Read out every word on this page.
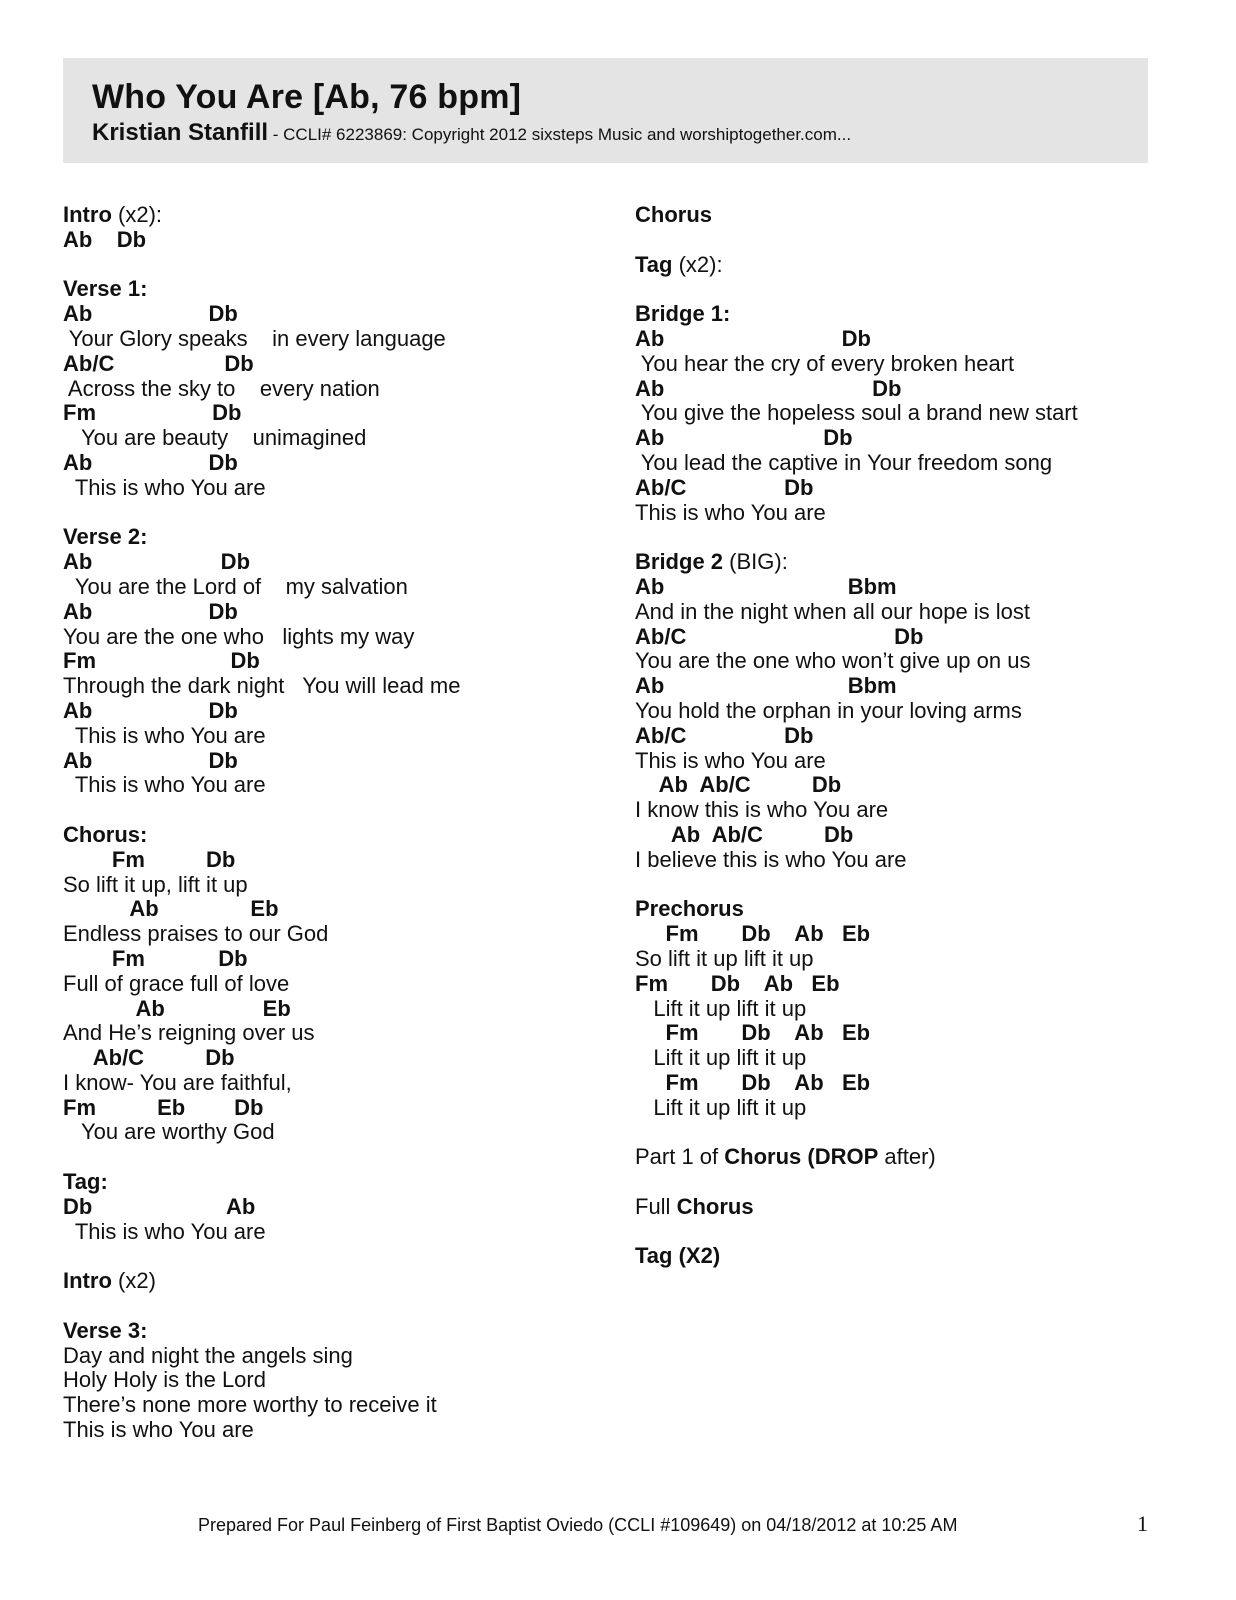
Who You Are [Ab, 76 bpm]
Kristian Stanfill - CCLI# 6223869: Copyright 2012 sixsteps Music and worshiptogether.com...
Intro (x2):
Ab    Db
Verse 1:
Ab                   Db
Your Glory speaks    in every language
Ab/C                  Db
Across the sky to    every nation
Fm                   Db
You are beauty    unimagined
Ab                   Db
This is who You are
Verse 2:
Ab                     Db
You are the Lord of    my salvation
Ab                   Db
You are the one who   lights my way
Fm                      Db
Through the dark night   You will lead me
Ab                   Db
This is who You are
Ab                   Db
This is who You are
Chorus:
Fm          Db
So lift it up, lift it up
Ab               Eb
Endless praises to our God
Fm            Db
Full of grace full of love
Ab                Eb
And He’s reigning over us
Ab/C          Db
I know- You are faithful,
Fm          Eb        Db
You are worthy God
Tag:
Db                      Ab
This is who You are
Intro (x2)
Verse 3:
Day and night the angels sing
Holy Holy is the Lord
There’s none more worthy to receive it
This is who You are
Chorus
Tag (x2):
Bridge 1:
Ab                             Db
You hear the cry of every broken heart
Ab                                  Db
You give the hopeless soul a brand new start
Ab                          Db
You lead the captive in Your freedom song
Ab/C                Db
This is who You are
Bridge 2 (BIG):
Ab                              Bbm
And in the night when all our hope is lost
Ab/C                                  Db
You are the one who won’t give up on us
Ab                              Bbm
You hold the orphan in your loving arms
Ab/C                Db
This is who You are
Ab  Ab/C          Db
I know this is who You are
Ab  Ab/C          Db
I believe this is who You are
Prechorus
Fm       Db    Ab   Eb
So lift it up lift it up
Fm       Db    Ab   Eb
Lift it up lift it up
Fm       Db    Ab   Eb
Lift it up lift it up
Fm       Db    Ab   Eb
Lift it up lift it up
Part 1 of Chorus (DROP after)
Full Chorus
Tag (X2)
Prepared For Paul Feinberg of First Baptist Oviedo (CCLI #109649) on 04/18/2012 at 10:25 AM	1
